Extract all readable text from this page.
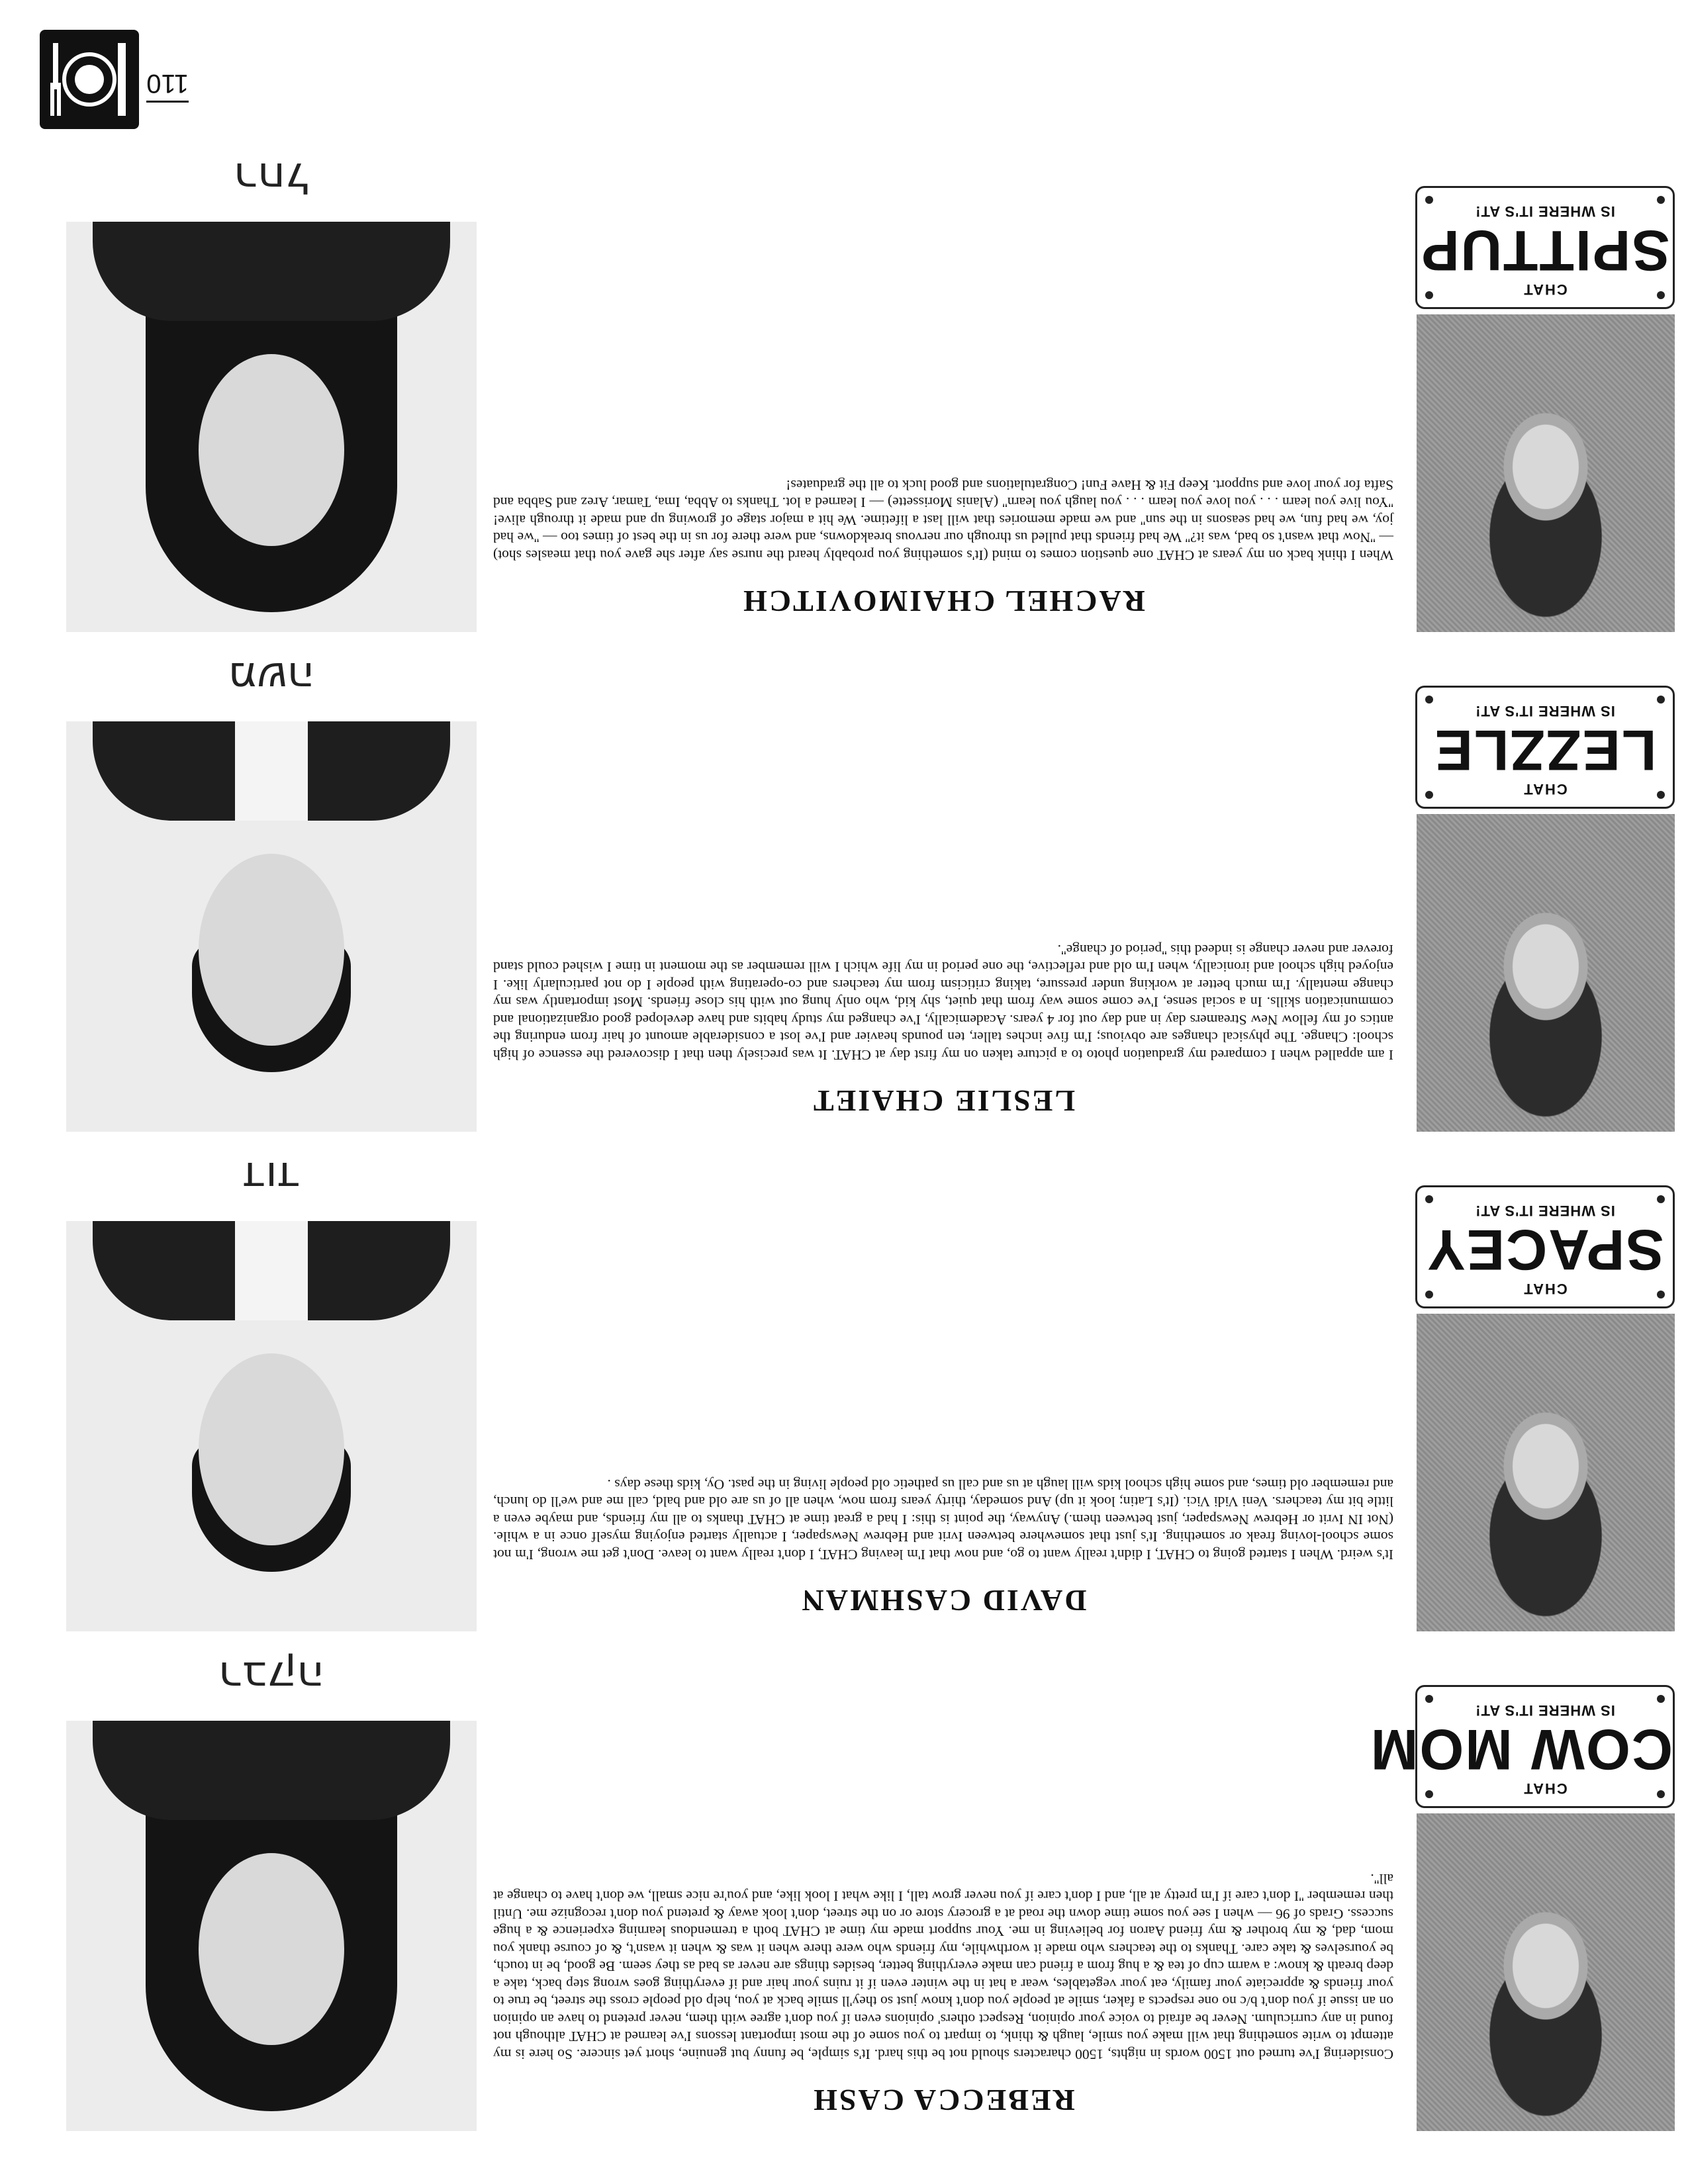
CHAT
COW MOM
IS WHERE IT'S AT!
REBECCA CASH
Considering I've turned out 1500 words in nights, 1500 characters should not be this hard. It's simple, be funny but genuine, short yet sincere. So here is my attempt to write something that will make you smile, laugh & think, to impart to you some of the most important lessons I've learned at CHAT although not found in any curriculum. Never be afraid to voice your opinion, Respect others' opinions even if you don't agree with them, never pretend to have an opinion on an issue if you don't b/c no one respects a faker, smile at people you don't know just so they'll smile back at you, help old people cross the street, be true to your friends & appreciate your family, eat your vegetables, wear a hat in the winter even if it ruins your hair and if everything goes wrong step back, take a deep breath & know: a warm cup of tea & a hug from a friend can make everything better, besides things are never as bad as they seem. Be good, be in touch, be yourselves & take care. Thanks to the teachers who made it worthwhile, my friends who were there when it was & when it wasn't, & of course thank you mom, dad, & my brother & my friend Aaron for believing in me. Your support made my time at CHAT both a tremendous learning experience & a huge success. Grads of 96 — when I see you some time down the road at a grocery store or on the street, don't look away & pretend you don't recognize me. Until then remember ''I don't care if I'm pretty at all, and I don't care if you never grow tall, I like what I look like, and you're nice small, we don't have to change at all''.
רבקה
CHAT
SPACEY
IS WHERE IT'S AT!
DAVID CASHMAN
It's weird. When I started going to CHAT, I didn't really want to go, and now that I'm leaving CHAT, I don't really want to leave. Don't get me wrong, I'm not some school-loving freak or something. It's just that somewhere between Ivrit and Hebrew Newspaper, I actually started enjoying myself once in a while. (Not IN Ivrit or Hebrew Newspaper, just between them.) Anyway, the point is this: I had a great time at CHAT thanks to all my friends, and maybe even a little bit my teachers. Veni Vidi Vici. (It's Latin; look it up) And someday, thirty years from now, when all of us are old and bald, call me and we'll do lunch, and remember old times, and some high school kids will laugh at us and call us pathetic old people living in the past. Oy, kids these days .
דוד
CHAT
LEZZLE
IS WHERE IT'S AT!
LESLIE CHAIET
I am appalled when I compared my graduation photo to a picture taken on my first day at CHAT. It was precisely then that I discovered the essence of high school: Change. The physical changes are obvious; I'm five inches taller, ten pounds heavier and I've lost a considerable amount of hair from enduring the antics of my fellow New Streamers day in and day out for 4 years. Academically, I've changed my study habits and have developed good organizational and communication skills. In a social sense, I've come some way from that quiet, shy kid, who only hung out with his close friends. Most importantly was my change mentally. I'm much better at working under pressure, taking criticism from my teachers and co-operating with people I do not particularly like. I enjoyed high school and ironically, when I'm old and reflective, the one period in my life which I will remember as the moment in time I wished could stand forever and never change is indeed this ''period of change''.
משה
CHAT
SPITTUP
IS WHERE IT'S AT!
RACHEL CHAIMOVITCH
When I think back on my years at CHAT one question comes to mind (It's something you probably heard the nurse say after she gave you that measles shot) — ''Now that wasn't so bad, was it?'' We had friends that pulled us through our nervous breakdowns, and were there for us in the best of times too — ''we had joy, we had fun, we had seasons in the sun'' and we made memories that will last a lifetime. We hit a major stage of growing up and made it through alive! ''You live you learn . . . you love you learn . . . you laugh you learn'' (Alanis Morissette) — I learned a lot. Thanks to Abba, Ima, Tamar, Arez and Sabba and Safta for your love and support. Keep Fit & Have Fun! Congratulations and good luck to all the graduates!
רחל
110
